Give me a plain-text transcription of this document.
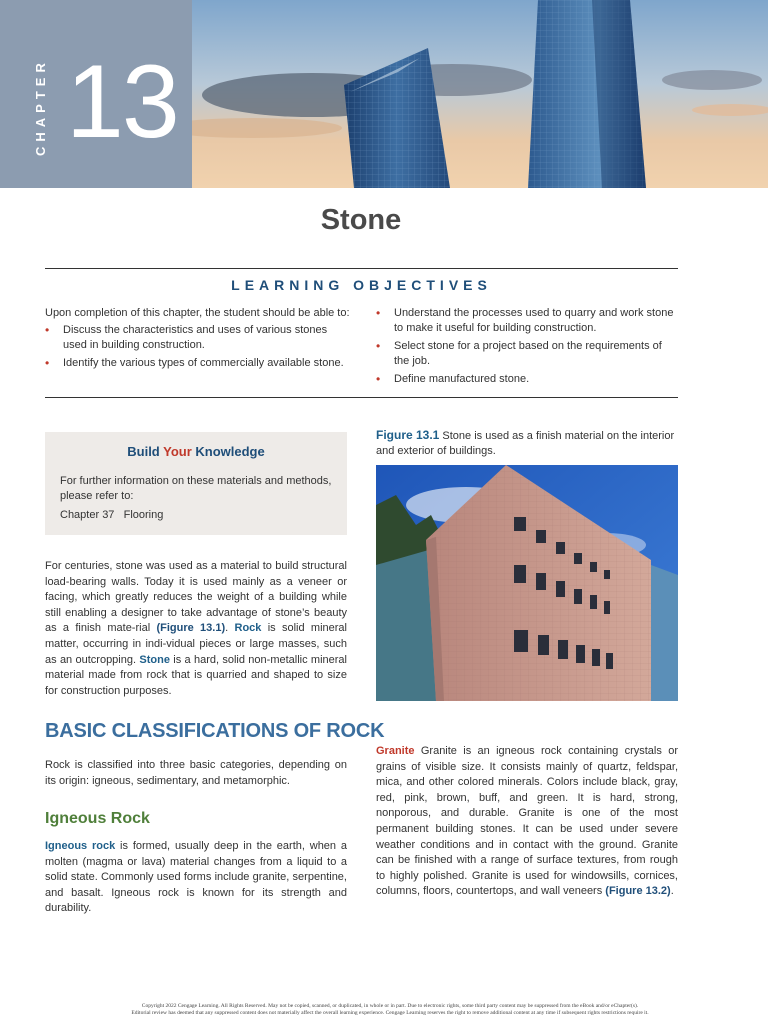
CHAPTER 13
Stone
LEARNING OBJECTIVES

Upon completion of this chapter, the student should be able to:

• Discuss the characteristics and uses of various stones used in building construction.
• Identify the various types of commercially available stone.
• Understand the processes used to quarry and work stone to make it useful for building construction.
• Select stone for a project based on the requirements of the job.
• Define manufactured stone.
Build Your Knowledge

For further information on these materials and methods, please refer to:

Chapter 37   Flooring

For centuries, stone was used as a material to build structural load-bearing walls. Today it is used mainly as a veneer or facing, which greatly reduces the weight of a building while still enabling a designer to take advantage of stone’s beauty as a finish mate-rial (Figure 13.1). Rock is solid mineral matter, occurring in indi-vidual pieces or large masses, such as an outcropping. Stone is a hard, solid non-metallic mineral material made from rock that is quarried and shaped to size for construction purposes.

BASIC CLASSIFICATIONS OF ROCK

Rock is classified into three basic categories, depending on its origin: igneous, sedimentary, and metamorphic.

Igneous Rock

Igneous rock is formed, usually deep in the earth, when a molten (magma or lava) material changes from a liquid to a solid state. Commonly used forms include granite, serpentine, and basalt. Igneous rock is known for its strength and durability.

Figure 13.1 Stone is used as a finish material on the interior and exterior of buildings.

Granite Granite is an igneous rock containing crystals or grains of visible size. It consists mainly of quartz, feldspar, mica, and other colored minerals. Colors include black, gray, red, pink, brown, buff, and green. It is hard, strong, nonporous, and durable. Granite is one of the most permanent building stones. It can be used under severe weather conditions and in contact with the ground. Granite can be finished with a range of surface textures, from rough to highly polished. Granite is used for windowsills, cornices, columns, floors, countertops, and wall veneers (Figure 13.2).

Copyright 2022 Cengage Learning. All Rights Reserved. May not be copied, scanned, or duplicated, in whole or in part. Due to electronic rights, some third party content may be suppressed from the eBook and/or eChapter(s).
Editorial review has deemed that any suppressed content does not materially affect the overall learning experience. Cengage Learning reserves the right to remove additional content at any time if subsequent rights restrictions require it.
